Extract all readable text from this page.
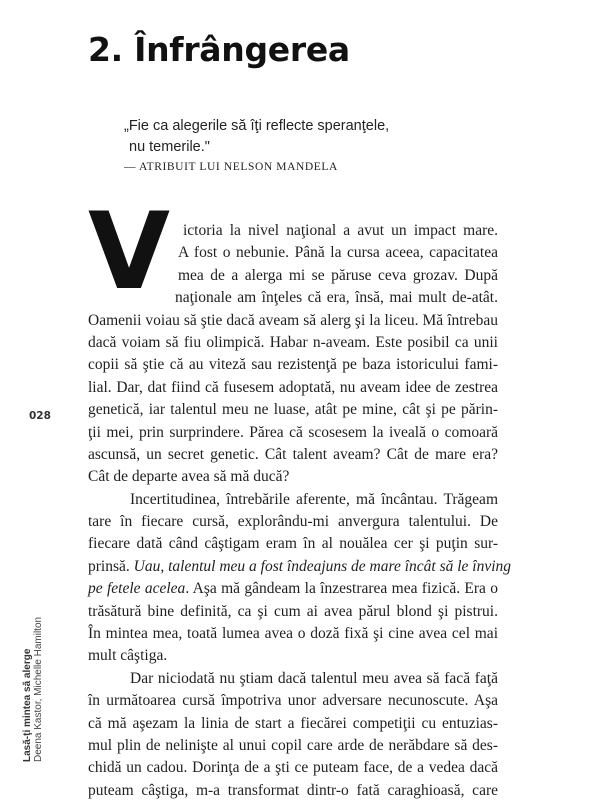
2. Înfrângerea

„Fie ca alegerile să îţi reflecte speranţele,
nu temerile."

— ATRIBUIT LUI NELSON MANDELA
V ictoria la nivel naţional a avut un impact mare.
A fost o nebunie. Până la cursa aceea, capacitatea
mea de a alerga mi se păruse ceva grozav. După
naţionale am înţeles că era, însă, mai mult de-atât.
Oamenii voiau să ştie dacă aveam să alerg şi la liceu. Mă întrebau
dacă voiam să fiu olimpică. Habar n-aveam. Este posibil ca unii
copii să ştie că au viteză sau rezistenţă pe baza istoricului fami-
lial. Dar, dat fiind că fusesem adoptată, nu aveam idee de zestrea
genetică, iar talentul meu ne luase, atât pe mine, cât şi pe părin-
ţii mei, prin surprindere. Părea că scosesem la iveală o comoară
ascunsă, un secret genetic. Cât talent aveam? Cât de mare era?
Cât de departe avea să mă ducă?
Incertitudinea, întrebările aferente, mă încântau. Trăgeam
tare în fiecare cursă, explorându-mi anvergura talentului. De
fiecare dată când câştigam eram în al nouălea cer şi puţin sur-
prinsă. Uau, talentul meu a fost îndeajuns de mare încât să le înving
pe fetele acelea. Aşa mă gândeam la înzestrarea mea fizică. Era o
trăsătură bine definită, ca şi cum ai avea părul blond şi pistrui.
În mintea mea, toată lumea avea o doză fixă şi cine avea cel mai
mult câştiga.
Dar niciodată nu ştiam dacă talentul meu avea să facă faţă
în următoarea cursă împotriva unor adversare necunoscute. Aşa
că mă aşezam la linia de start a fiecărei competiţii cu entuzias-
mul plin de nelinişte al unui copil care arde de nerăbdare să des-
chidă un cadou. Dorinţa de a şti ce puteam face, de a vedea dacă
puteam câştiga, m-a transformat dintr-o fată caraghioasă, care
028
Lasă-ţi mintea să alerge Deena Kastor, Michelle Hamilton
